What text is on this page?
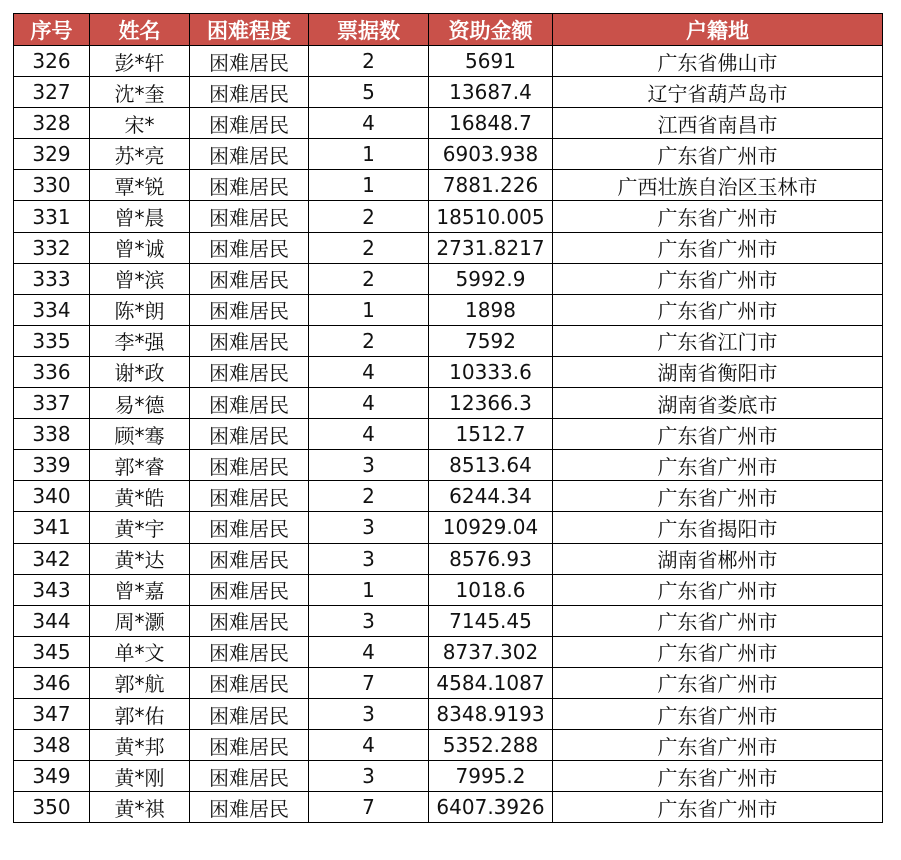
序号	姓名	困难程度	票据数	资助金额	户籍地
326	彭*轩	困难居民	2	5691	广东省佛山市
327	沈*奎	困难居民	5	13687.4	辽宁省葫芦岛市
328	宋*	困难居民	4	16848.7	江西省南昌市
329	苏*亮	困难居民	1	6903.938	广东省广州市
330	覃*锐	困难居民	1	7881.226	广西壮族自治区玉林市
331	曾*晨	困难居民	2	18510.005	广东省广州市
332	曾*诚	困难居民	2	2731.8217	广东省广州市
333	曾*滨	困难居民	2	5992.9	广东省广州市
334	陈*朗	困难居民	1	1898	广东省广州市
335	李*强	困难居民	2	7592	广东省江门市
336	谢*政	困难居民	4	10333.6	湖南省衡阳市
337	易*德	困难居民	4	12366.3	湖南省娄底市
338	顾*骞	困难居民	4	1512.7	广东省广州市
339	郭*睿	困难居民	3	8513.64	广东省广州市
340	黄*皓	困难居民	2	6244.34	广东省广州市
341	黄*宇	困难居民	3	10929.04	广东省揭阳市
342	黄*达	困难居民	3	8576.93	湖南省郴州市
343	曾*嘉	困难居民	1	1018.6	广东省广州市
344	周*灏	困难居民	3	7145.45	广东省广州市
345	单*文	困难居民	4	8737.302	广东省广州市
346	郭*航	困难居民	7	4584.1087	广东省广州市
347	郭*佑	困难居民	3	8348.9193	广东省广州市
348	黄*邦	困难居民	4	5352.288	广东省广州市
349	黄*刚	困难居民	3	7995.2	广东省广州市
350	黄*祺	困难居民	7	6407.3926	广东省广州市
